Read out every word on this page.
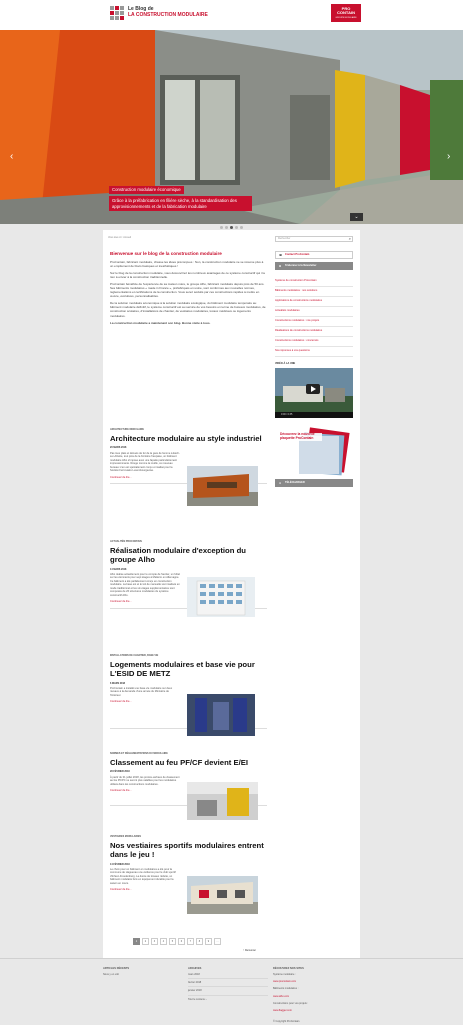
Le Blog de
LA CONSTRUCTION MODULAIRE
PRO
CONTAIN
GROUPE MODULAIRE
‹	›
Construction modulaire économique
Grâce à la préfabrication en filière sèche, à la standardisation des approvisionnements et de la fabrication modulaire
⌄
Vous êtes ici : Accueil
Bienvenue sur le blog de la construction modulaire

ProContain, fabricant modulaire, chasse les idées préconçues : Non, la construction modulaire ne se résume plus à un empilement de blocs basiques et inesthétiques !

Sur le blog de la construction modulaire, vous découvrirez les nombreux avantages de ce système constructif qui n'a rien à envier à la construction traditionnelle.

ProContain bénéficie de l'expérience de sa maison mère, le groupe Alho, fabricant modulaire depuis près de 50 ans. Ses bâtiments modulaires « made in France », préfabriqués en usine, sont conformes aux nouvelles normes, réglementations et certifications de la construction. Vous serez séduits par ces constructions rapides à mettre en œuvre, évolutives, personnalisables.

De la solution modulaire économique à la solution modulaire écologique, du bâtiment modulaire temporaire au bâtiment modulaire définitif, le système constructif est au service de vos besoins en terme de bureaux modulaires, de construction scolaires, d'installations de chantier, de vestiaires modulaires, locaux médicaux ou logements modulaires.

La construction modulaire a maintenant son blog. Bonne visite à tous.

ARCHITECTURE MODULAIRE
Architecture modulaire au style industriel
20 MARS 2018
Pas tous plats et dénués de fer de la gare de femme à Esch-sur-Alzette, tout près de la frontière française, un bâtiment modulaire Alho s'impose avec une façade particulièrement impressionnante. Rouge comme la rouille, ce nouveau bureaux s'en est spécialement conçu et réalisé pour la Société Ferroviaire Luxembourgeoise.
Continuez de lire...
ACTUALITÉS PROCONTAIN
Réalisation modulaire d'exception du groupe Alho
14 MARS 2018
Alho réalise actuellement pour le compte de Seniter, un hôtel sur les étonnants pour sept étages à Malterm en Allemagne. Ce bâtiment a été parfaitement conçu en construction modulaire. La base est et le toit de manuelle sont réalisés en mode traditionnel et les six étages supplémentaires sont composés de 26 structures modulaires du système constructif Alho.
Continuez de lire...
INSTALLATIONS DE CHANTIER, BASE VIE
Logements modulaires et base vie pour L'ESID DE METZ
6 MARS 2018
ProContain a installé une base vie modulaire sur deux niveaux à la demande d'une armée du Ministère de l'Intérieur.
Continuez de lire...
NORMES ET RÉGLEMENTATIONS DU MODULAIRE
Classement au feu PF/CF devient E/EI
28 FÉVRIER 2018
À partir du 31 juillet 2018, les procès-verbaux de classement au feu PF/PC ne seront plus valables pour les modulaires utilisés dans les constructions modulaires.
Continuez de lire...
VESTIAIRES MODULAIRES
Nos vestiaires sportifs modulaires entrent dans le jeu !
14 FÉVRIER 2018
Le choix pour un bâtiment en modulaires a été pour la commune de Haguenau une évidence pour le club sportif d'Infanc-Freudenberg. La durée de travaux réduite, un bâtiment modulaire livré en équipement durable pour la saison en cours.
Continuez de lire...
1	2	3	4	5	6	7	8	9	...
↑ Remonter
Rechercher	⌕
☎ Contact ProContain
✉ S'abonner à la Newsletter
Système de construction Procontain
Bâtiments modulaires : nos solutions
Applications de constructions modulaires
Actualités modulaires
Constructions modulaires : nos projets
Réalisations de constructions modulaires
Constructions modulaires : concernés
Nos réponses à vos questions
VIDÉO À LA UNE
0:00 / 0:35
Découvrez la nouvelle plaquette ProContain
⬇ TÉLÉCHARGER
ARTICLES RÉCENTS
Nous y en voit
ARCHIVES
mars 2018
février 2018
janvier 2018
Tout le contenu ›
DÉCOUVREZ NOS SITES
Système modulaire :
www.procontain.com
Bâtiments modulaires :
www.alho.com
Constructions pour vos projets :
www.flagger.com
© Copyright ProContain
